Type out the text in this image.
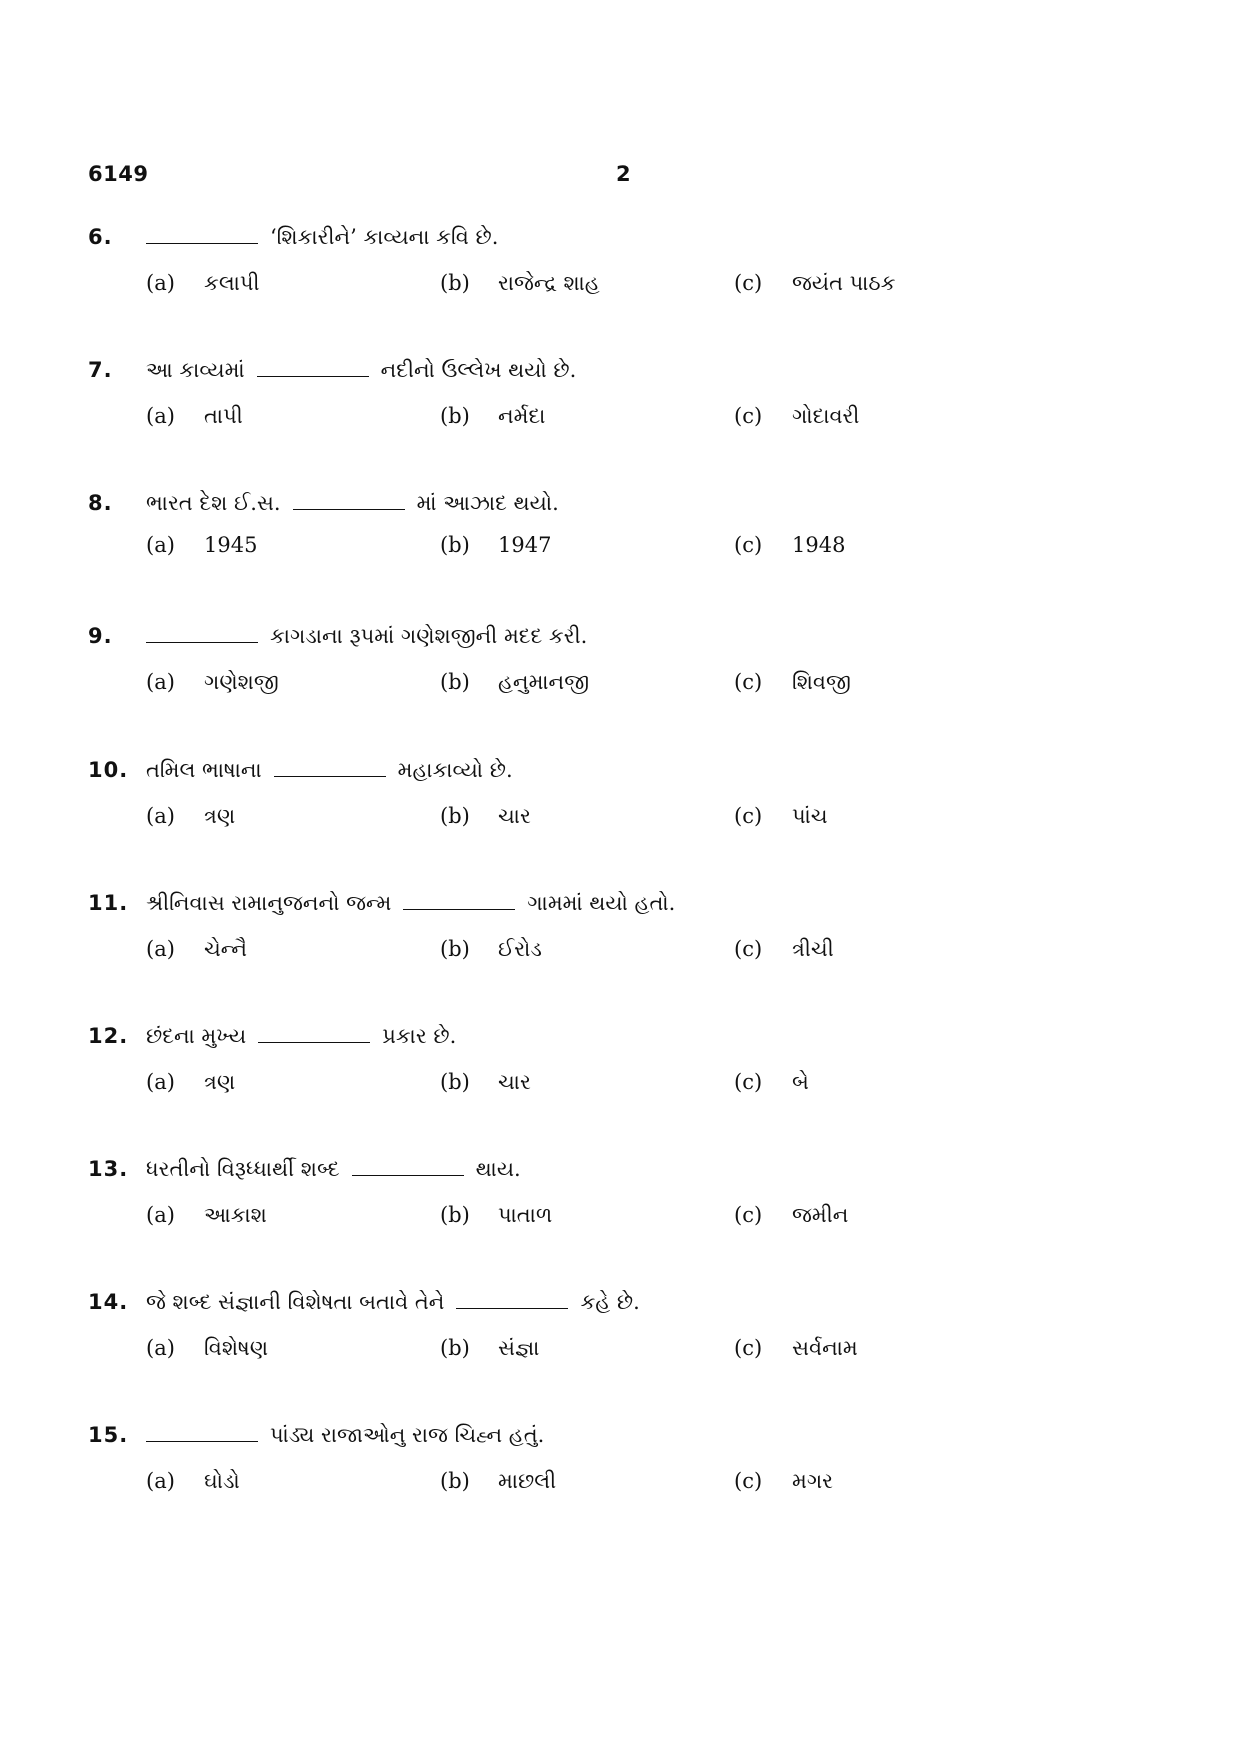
6149	2
6.	‘શિકારીને’ કાવ્યના કવિ છે.
(a) કલાપી	(b) રાજેન્દ્ર શાહ	(c) જયંત પાઠક
7. આ કાવ્યમાં	નદીનો ઉલ્લેખ થયો છે.
(a) તાપી	(b) નર્મદા	(c) ગોદાવરી
8. ભારત દેશ ઈ.સ.	માં આઝાદ થયો.
(a) 1945	(b) 1947	(c) 1948
9.	કાગડાના રૂપમાં ગણેશજીની મદદ કરી.
(a) ગણેશજી	(b) હનુમાનજી	(c) શિવજી
10. તમિલ ભાષાના	મહાકાવ્યો છે.
(a) ત્રણ	(b) ચાર	(c) પાંચ
11. શ્રીનિવાસ રામાનુજનનો જન્મ	ગામમાં થયો હતો.
(a) ચેન્નૈ	(b) ઈરોડ	(c) ત્રીચી
12. છંદના મુખ્ય	પ્રકાર છે.
(a) ત્રણ	(b) ચાર	(c) બે
13. ધરતીનો વિરૂધ્ધાર્થી શબ્દ	થાય.
(a) આકાશ	(b) પાતાળ	(c) જમીન
14. જે શબ્દ સંજ્ઞાની વિશેષતા બતાવે તેને	કહે છે.
(a) વિશેષણ	(b) સંજ્ઞા	(c) સર્વનામ
15.	પાંડ્ય રાજાઓનુ રાજ ચિહ્ન હતું.
(a) ઘોડો	(b) માછલી	(c) મગર
